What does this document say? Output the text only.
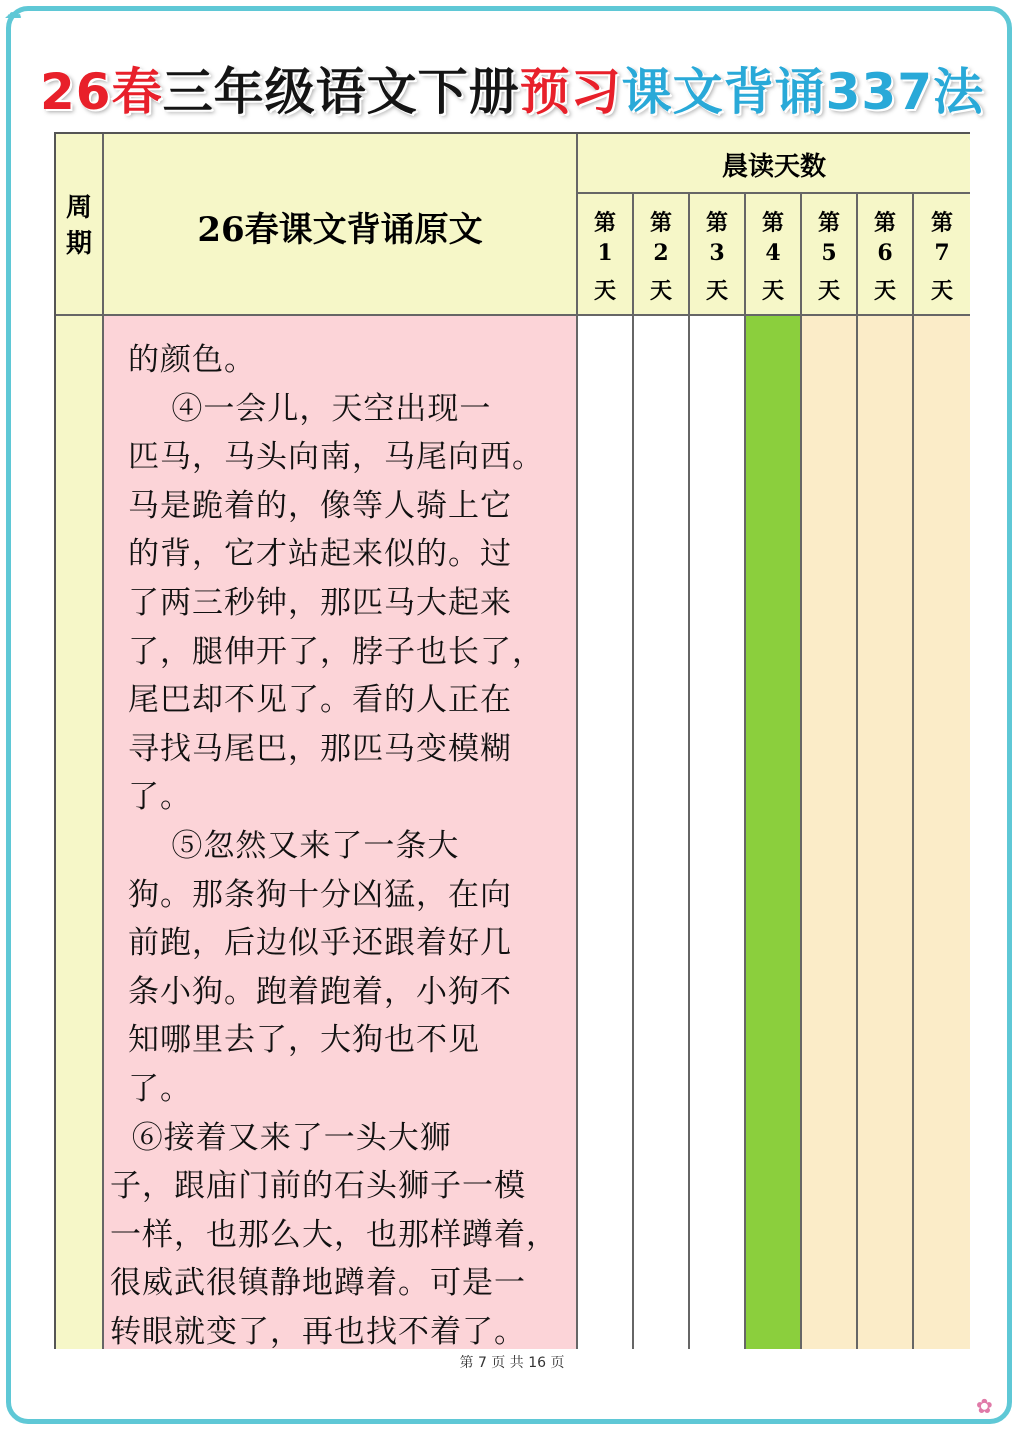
☁
26春三年级语文下册预习课文背诵337法
周期	26春课文背诵原文
晨读天数
的颜色。
④一会儿，天空出现一
匹马，马头向南，马尾向西。
马是跪着的，像等人骑上它
的背，它才站起来似的。过
了两三秒钟，那匹马大起来
了，腿伸开了，脖子也长了，
尾巴却不见了。看的人正在
寻找马尾巴，那匹马变模糊
了。
⑤忽然又来了一条大
狗。那条狗十分凶猛，在向
前跑，后边似乎还跟着好几
条小狗。跑着跑着，小狗不
知哪里去了，大狗也不见
了。
⑥接着又来了一头大狮
子，跟庙门前的石头狮子一模
一样，也那么大，也那样蹲着，
很威武很镇静地蹲着。可是一
转眼就变了，再也找不着了。
第
1
天
第
2
天
第
3
天
第
4
天
第
5
天
第
6
天
第
7
天
第 7 页 共 16 页
✿
